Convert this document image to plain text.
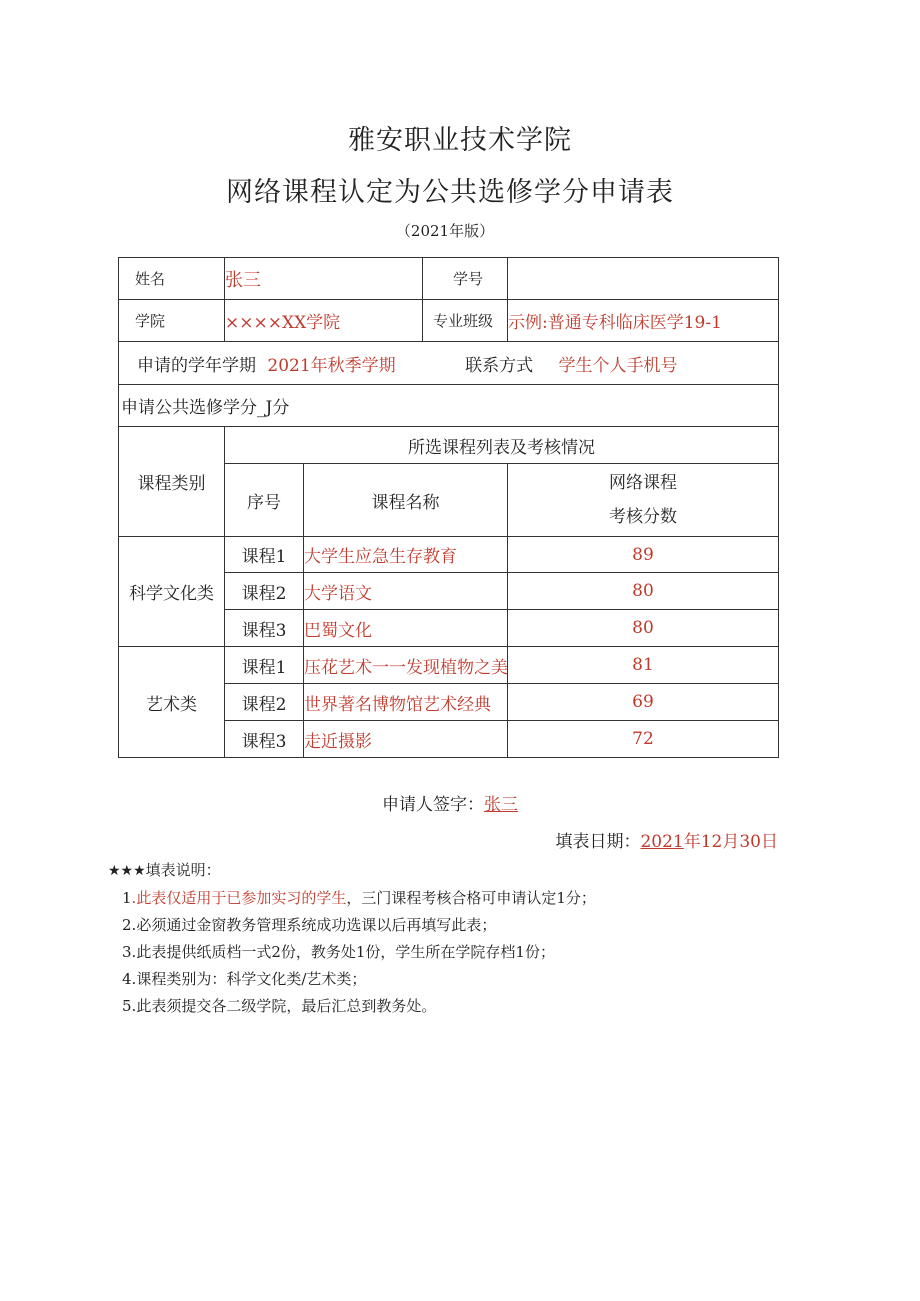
雅安职业技术学院
网络课程认定为公共选修学分申请表
（2021年版）
姓名	张三		学号	
学院	××××XX学院		专业班级	示例:普通专科临床医学19-1
申请的学年学期 2021年秋季学期 联系方式 学生个人手机号				
申请公共选修学分_J分				
课程类别	所选课程列表及考核情况			
	序号	课程名称		网络课程
考核分数

科学文化类	课程1	大学生应急生存教育		89
	课程2	大学语文		80
	课程3	巴蜀文化		80
艺术类	课程1	压花艺术一一发现植物之美		81
	课程2	世界著名博物馆艺术经典		69
	课程3	走近摄影		72
申请人签字：张三
填表日期：2021年12月30日
★★★填表说明：
1.此表仅适用于已参加实习的学生，三门课程考核合格可申请认定1分；
2.必须通过金窗教务管理系统成功选课以后再填写此表；
3.此表提供纸质档一式2份，教务处1份，学生所在学院存档1份；
4.课程类别为：科学文化类/艺术类；
5.此表须提交各二级学院，最后汇总到教务处。
